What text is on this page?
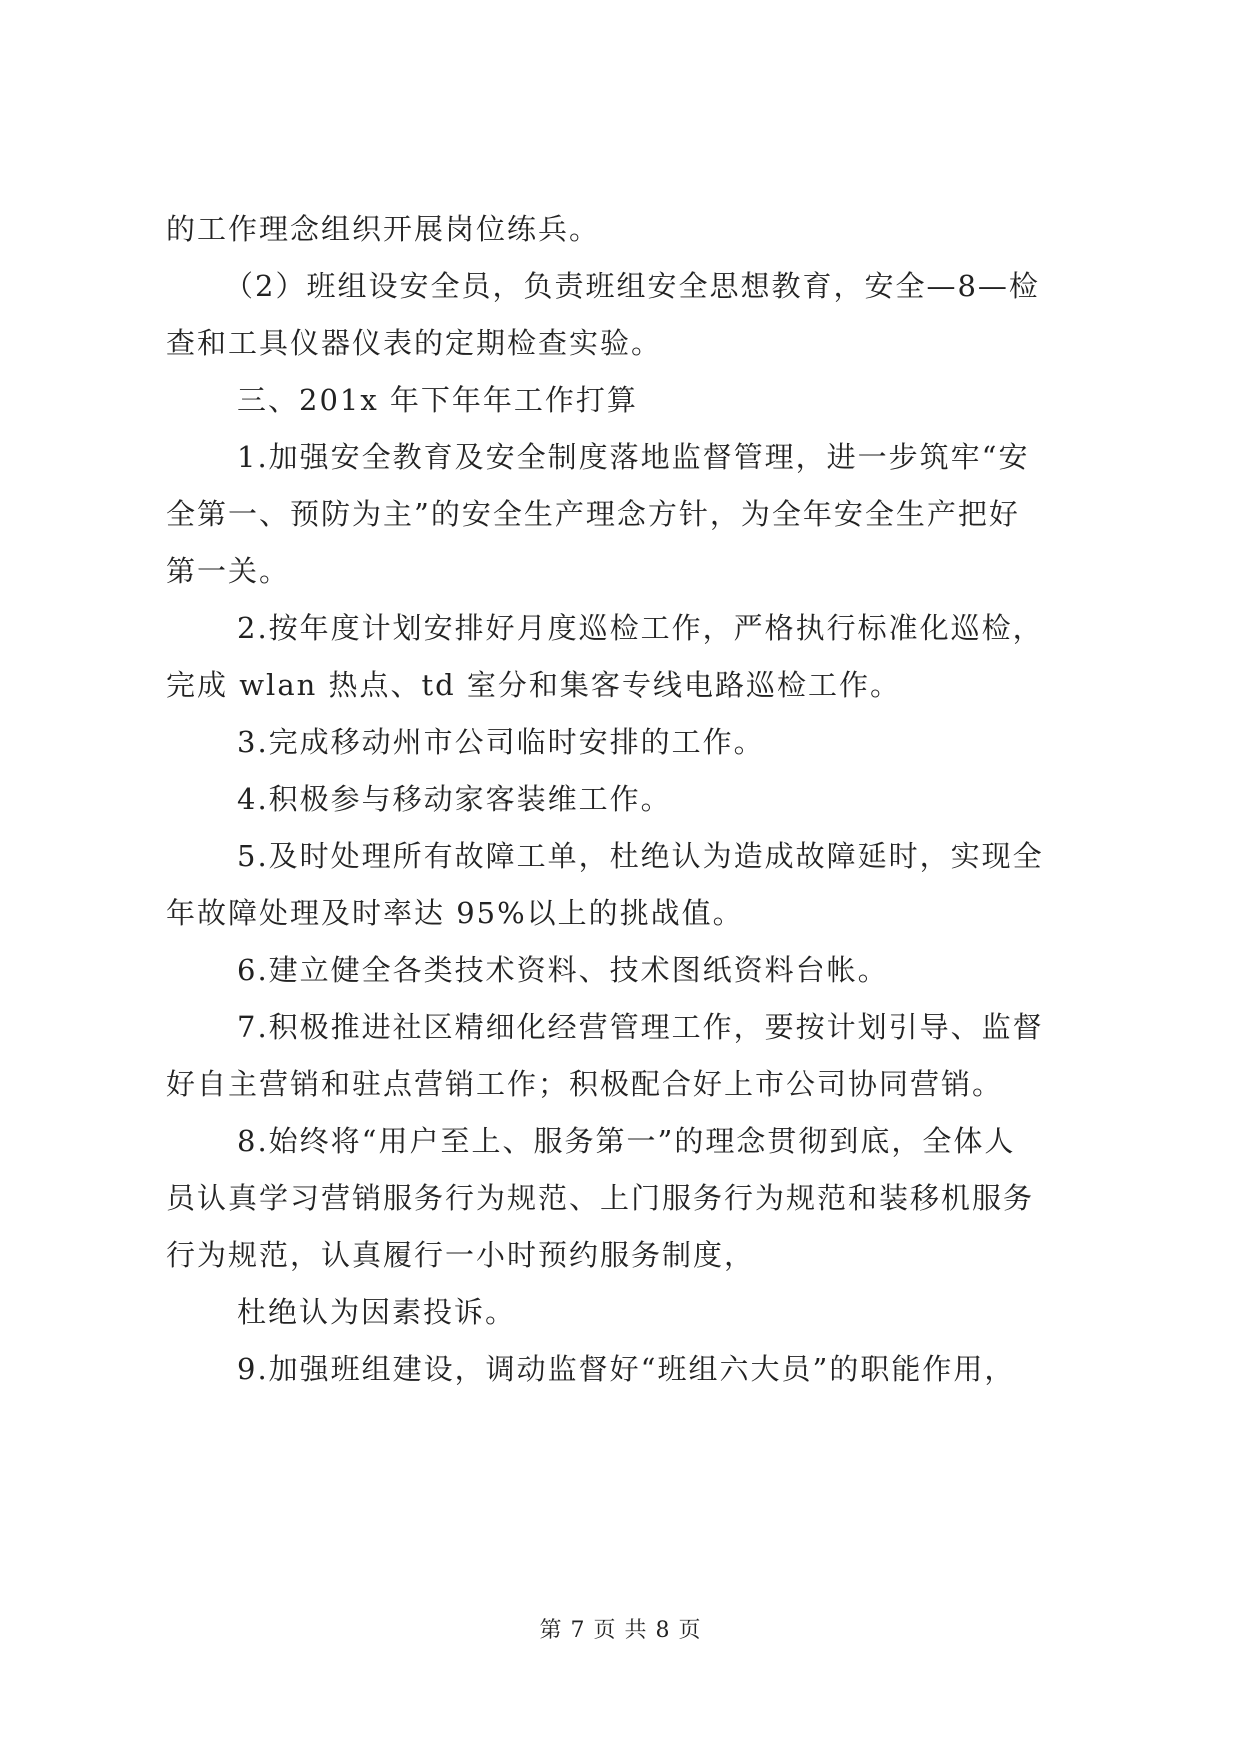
的工作理念组织开展岗位练兵。
（2）班组设安全员，负责班组安全思想教育，安全—8—检
查和工具仪器仪表的定期检查实验。
三、201x 年下年年工作打算
1.加强安全教育及安全制度落地监督管理，进一步筑牢“安
全第一、预防为主”的安全生产理念方针，为全年安全生产把好
第一关。
2.按年度计划安排好月度巡检工作，严格执行标准化巡检，
完成 wlan 热点、td 室分和集客专线电路巡检工作。
3.完成移动州市公司临时安排的工作。
4.积极参与移动家客装维工作。
5.及时处理所有故障工单，杜绝认为造成故障延时，实现全
年故障处理及时率达 95%以上的挑战值。
6.建立健全各类技术资料、技术图纸资料台帐。
7.积极推进社区精细化经营管理工作，要按计划引导、监督
好自主营销和驻点营销工作；积极配合好上市公司协同营销。
8.始终将“用户至上、服务第一”的理念贯彻到底，全体人
员认真学习营销服务行为规范、上门服务行为规范和装移机服务
行为规范，认真履行一小时预约服务制度，
杜绝认为因素投诉。
9.加强班组建设，调动监督好“班组六大员”的职能作用，
第 7 页 共 8 页
